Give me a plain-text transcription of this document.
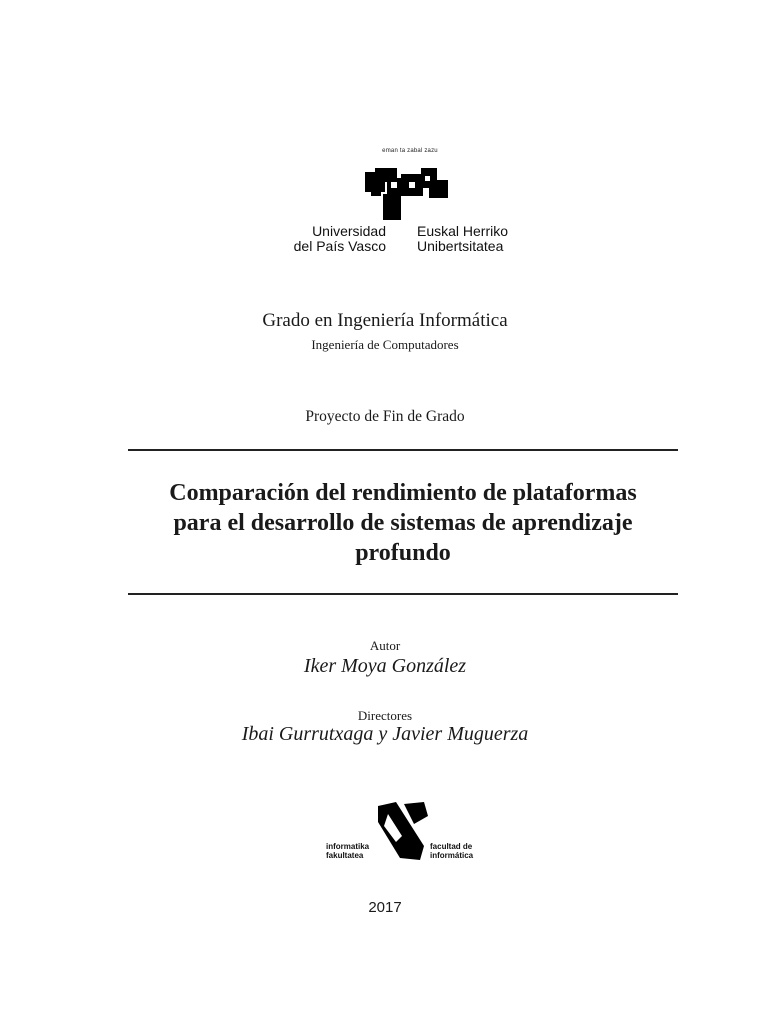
eman ta zabal zazu
Universidad
del País Vasco
Euskal Herriko
Unibertsitatea
Grado en Ingeniería Informática
Ingeniería de Computadores
Proyecto de Fin de Grado
Comparación del rendimiento de plataformas
para el desarrollo de sistemas de aprendizaje
profundo
Autor
Iker Moya González
Directores
Ibai Gurrutxaga y Javier Muguerza
informatika
fakultatea
facultad de
informática
2017
